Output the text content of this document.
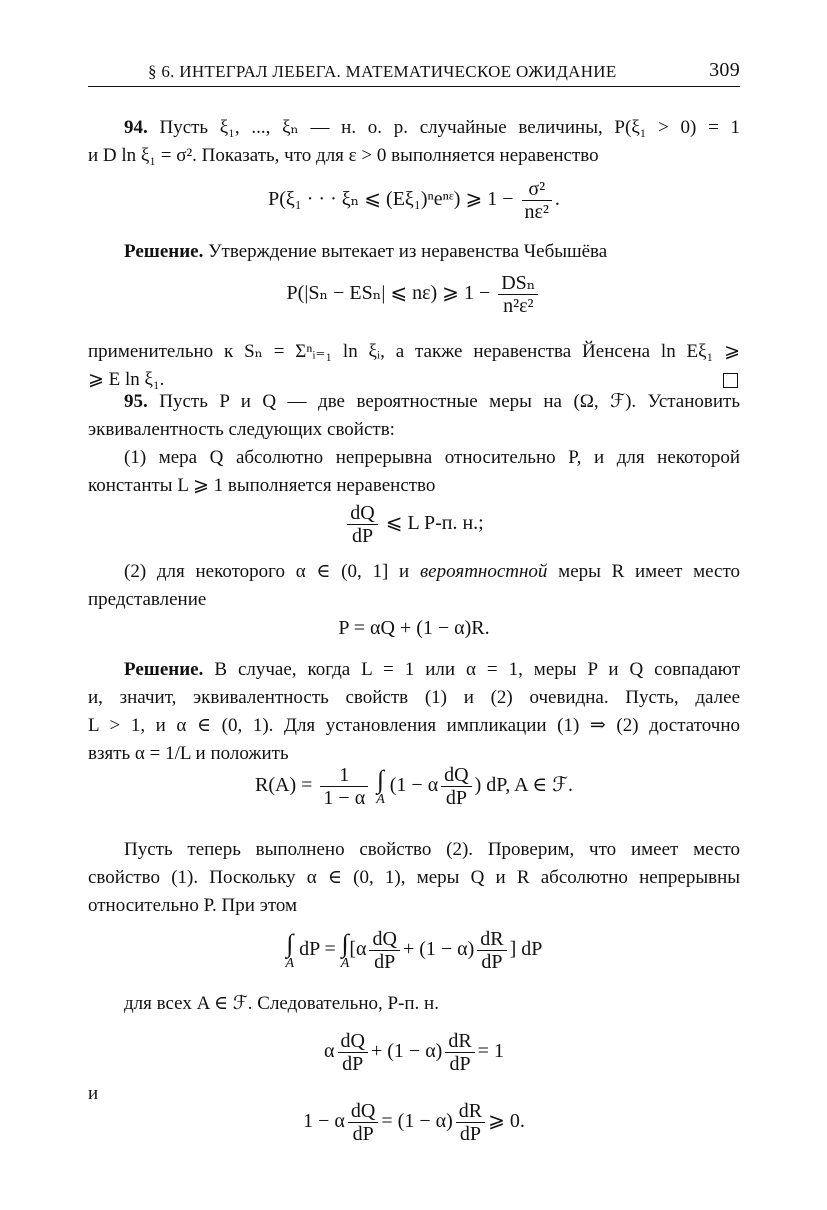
§ 6. ИНТЕГРАЛ ЛЕБЕГА. МАТЕМАТИЧЕСКОЕ ОЖИДАНИЕ	309

94. Пусть ξ₁, ..., ξₙ — н. о. р. случайные величины, P(ξ₁ > 0) = 1

и D ln ξ₁ = σ². Показать, что для ε > 0 выполняется неравенство

P(ξ₁ · · · ξₙ ⩽ (Eξ₁)ⁿeⁿᵋ) ⩾ $1 - \frac{\text{σ²}}{\text{nε²}}$ .

Решение. Утверждение вытекает из неравенства Чебышёва

P(|Sₙ − ESₙ| ⩽ nε) ⩾ $1 - \frac{\text{DSₙ}}{\text{n²ε²}}$

применительно к Sₙ = Σⁿᵢ₌₁ ln ξᵢ, а также неравенства Йенсена ln Eξ₁ ⩾

⩾ E ln ξ₁.

95. Пусть P и Q — две вероятностные меры на (Ω, ℱ). Установить

эквивалентность следующих свойств:

(1) мера Q абсолютно непрерывна относительно P, и для некоторой

константы L ⩾ 1 выполняется неравенство

$\frac{dQ}{dP}$ ⩽ L P-п. н.;

(2) для некоторого α ∈ (0, 1] и вероятностной меры R имеет место

представление

P = αQ + (1 − α)R.

Решение. В случае, когда L = 1 или α = 1, меры P и Q совпадают

и, значит, эквивалентность свойств (1) и (2) очевидна. Пусть, далее

L > 1, и α ∈ (0, 1). Для установления импликации (1) ⇒ (2) достаточно

взять α = 1/L и положить

$R(A) = \frac{1}{1 - \alpha}$ ∫
A
(1 − α $\frac{dQ}{dP}$ ) dP, A ∈ ℱ.

Пусть теперь выполнено свойство (2). Проверим, что имеет место

свойство (1). Поскольку α ∈ (0, 1), меры Q и R абсолютно непрерывны

относительно P. При этом

∫
A
dP = ∫
A
[$\alpha \frac{dQ}{dP} + (1 - \alpha) \frac{dR}{dP}$ ] dP

для всех A ∈ ℱ. Следовательно, P-п. н.

α $\frac{dQ}{dP} + (1 - \alpha) \frac{dR}{dP} = 1$

и

1 − α $\frac{dQ}{dP} = (1 - \alpha) \frac{dR}{dP}$ ⩾ 0.
